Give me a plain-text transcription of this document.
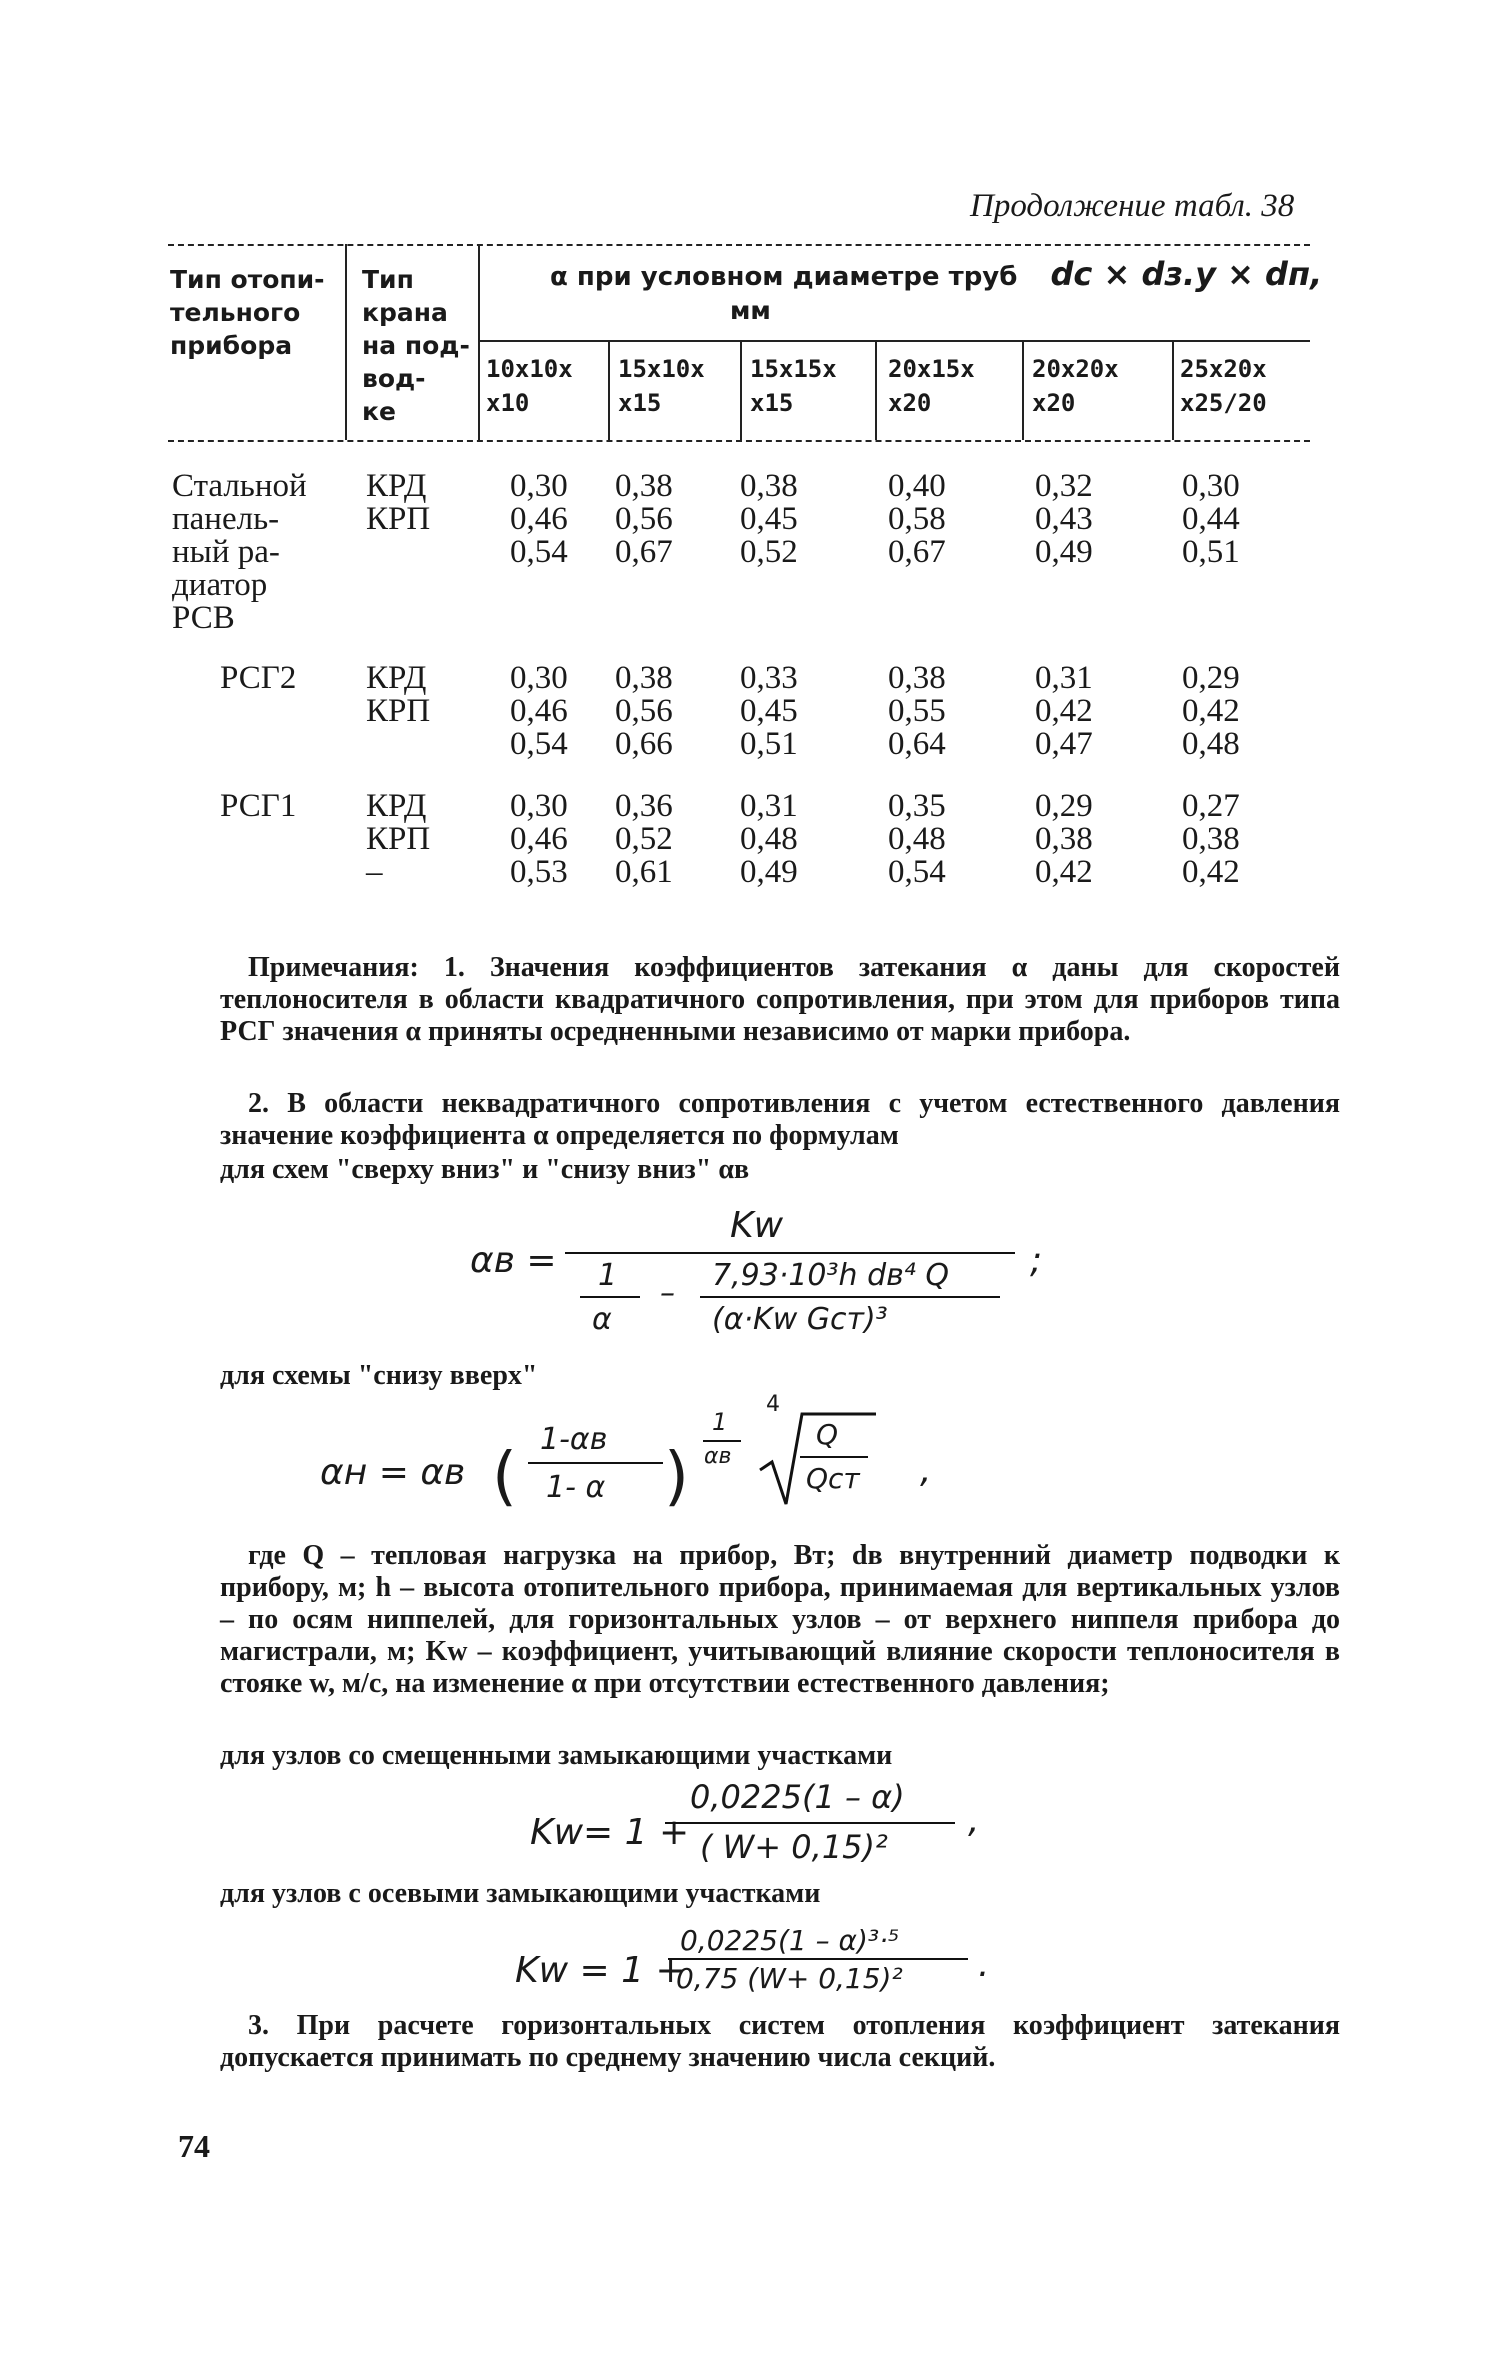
Продолжение табл. 38
Тип отопи-
тельного
прибора
Тип
крана
на под-
вод-
ке
α при условном диаметре труб dс × dз.у × dп,
мм
10x10x
x10
15x10x
x15
15x15x
x15
20x15x
x20
20x20x
x20
25x20x
x25/20
Стальной
панель-
ный ра-
диатор
РСВ
КРД
КРП
0,30
0,46
0,54
0,38
0,56
0,67
0,38
0,45
0,52
0,40
0,58
0,67
0,32
0,43
0,49
0,30
0,44
0,51
РСГ2 КРД
КРП
0,30
0,46
0,54
0,38
0,56
0,66
0,33
0,45
0,51
0,38
0,55
0,64
0,31
0,42
0,47
0,29
0,42
0,48
РСГ1 КРД
КРП
–
0,30
0,46
0,53
0,36
0,52
0,61
0,31
0,48
0,49
0,35
0,48
0,54
0,29
0,38
0,42
0,27
0,38
0,42

Примечания: 1. Значения коэффициентов затекания α даны для скоростей теплоносителя в области квадратичного сопротивления, при этом для приборов типа РСГ значения α приняты осредненными независимо от марки прибора.

2. В области неквадратичного сопротивления с учетом естественного давления значение коэффициента α определяется по формулам

для схем "сверху вниз" и "снизу вниз" αв

αв =
Kw
;
1
α
–
7,93·10³h dв⁴ Q
(α·Kw Gст)³

для схемы "снизу вверх"

αн = αв (
1-αв
1- α )
1
αв
4
Q
Qст ,

где Q – тепловая нагрузка на прибор, Вт; dв внутренний диаметр подводки к прибору, м; h – высота отопительного прибора, принимаемая для вертикальных узлов – по осям ниппелей, для горизонтальных узлов – от верхнего ниппеля прибора до магистрали, м; Kw – коэффициент, учитывающий влияние скорости теплоносителя в стояке w, м/с, на изменение α при отсутствии естественного давления;

для узлов со смещенными замыкающими участками

Kw= 1 +
0,0225(1 – α)
( W+ 0,15)²
,

для узлов с осевыми замыкающими участками

Kw = 1 +
0,0225(1 – α)³·⁵
0,75 (W+ 0,15)² .

3. При расчете горизонтальных систем отопления коэффициент затекания допускается принимать по среднему значению числа секций.

74
